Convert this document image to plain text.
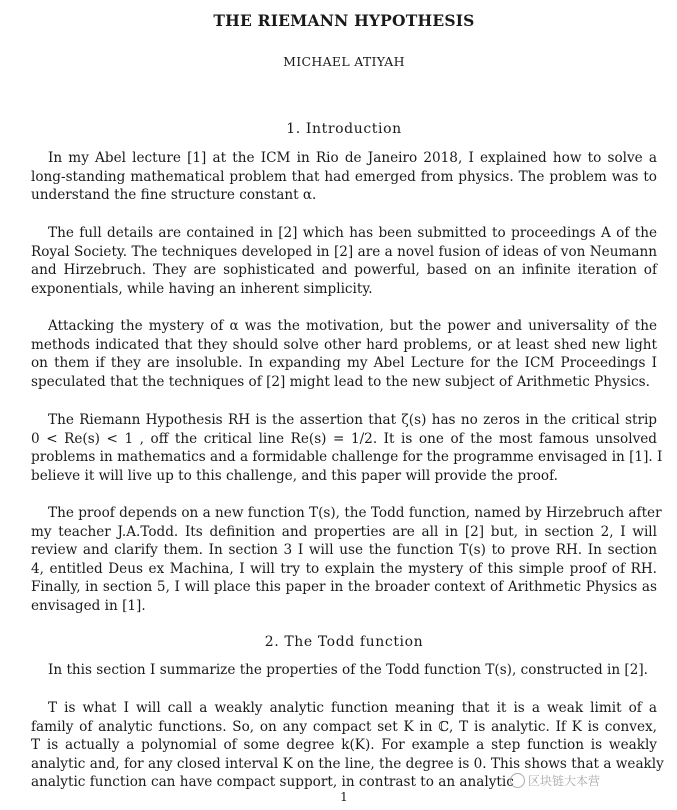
THE RIEMANN HYPOTHESIS
MICHAEL ATIYAH
1. Introduction
In my Abel lecture [1] at the ICM in Rio de Janeiro 2018, I explained how to solve a
long-standing mathematical problem that had emerged from physics. The problem was to
understand the fine structure constant α.
The full details are contained in [2] which has been submitted to proceedings A of the
Royal Society. The techniques developed in [2] are a novel fusion of ideas of von Neumann
and Hirzebruch. They are sophisticated and powerful, based on an infinite iteration of
exponentials, while having an inherent simplicity.
Attacking the mystery of α was the motivation, but the power and universality of the
methods indicated that they should solve other hard problems, or at least shed new light
on them if they are insoluble. In expanding my Abel Lecture for the ICM Proceedings I
speculated that the techniques of [2] might lead to the new subject of Arithmetic Physics.
The Riemann Hypothesis RH is the assertion that ζ(s) has no zeros in the critical strip
0 < Re(s) < 1 , off the critical line Re(s) = 1/2. It is one of the most famous unsolved
problems in mathematics and a formidable challenge for the programme envisaged in [1]. I
believe it will live up to this challenge, and this paper will provide the proof.
The proof depends on a new function T(s), the Todd function, named by Hirzebruch after
my teacher J.A.Todd. Its definition and properties are all in [2] but, in section 2, I will
review and clarify them. In section 3 I will use the function T(s) to prove RH. In section
4, entitled Deus ex Machina, I will try to explain the mystery of this simple proof of RH.
Finally, in section 5, I will place this paper in the broader context of Arithmetic Physics as
envisaged in [1].
2. The Todd function
In this section I summarize the properties of the Todd function T(s), constructed in [2].
T is what I will call a weakly analytic function meaning that it is a weak limit of a
family of analytic functions. So, on any compact set K in ℂ, T is analytic. If K is convex,
T is actually a polynomial of some degree k(K). For example a step function is weakly
analytic and, for any closed interval K on the line, the degree is 0. This shows that a weakly
analytic function can have compact support, in contrast to an analytic
1
区块链大本营
